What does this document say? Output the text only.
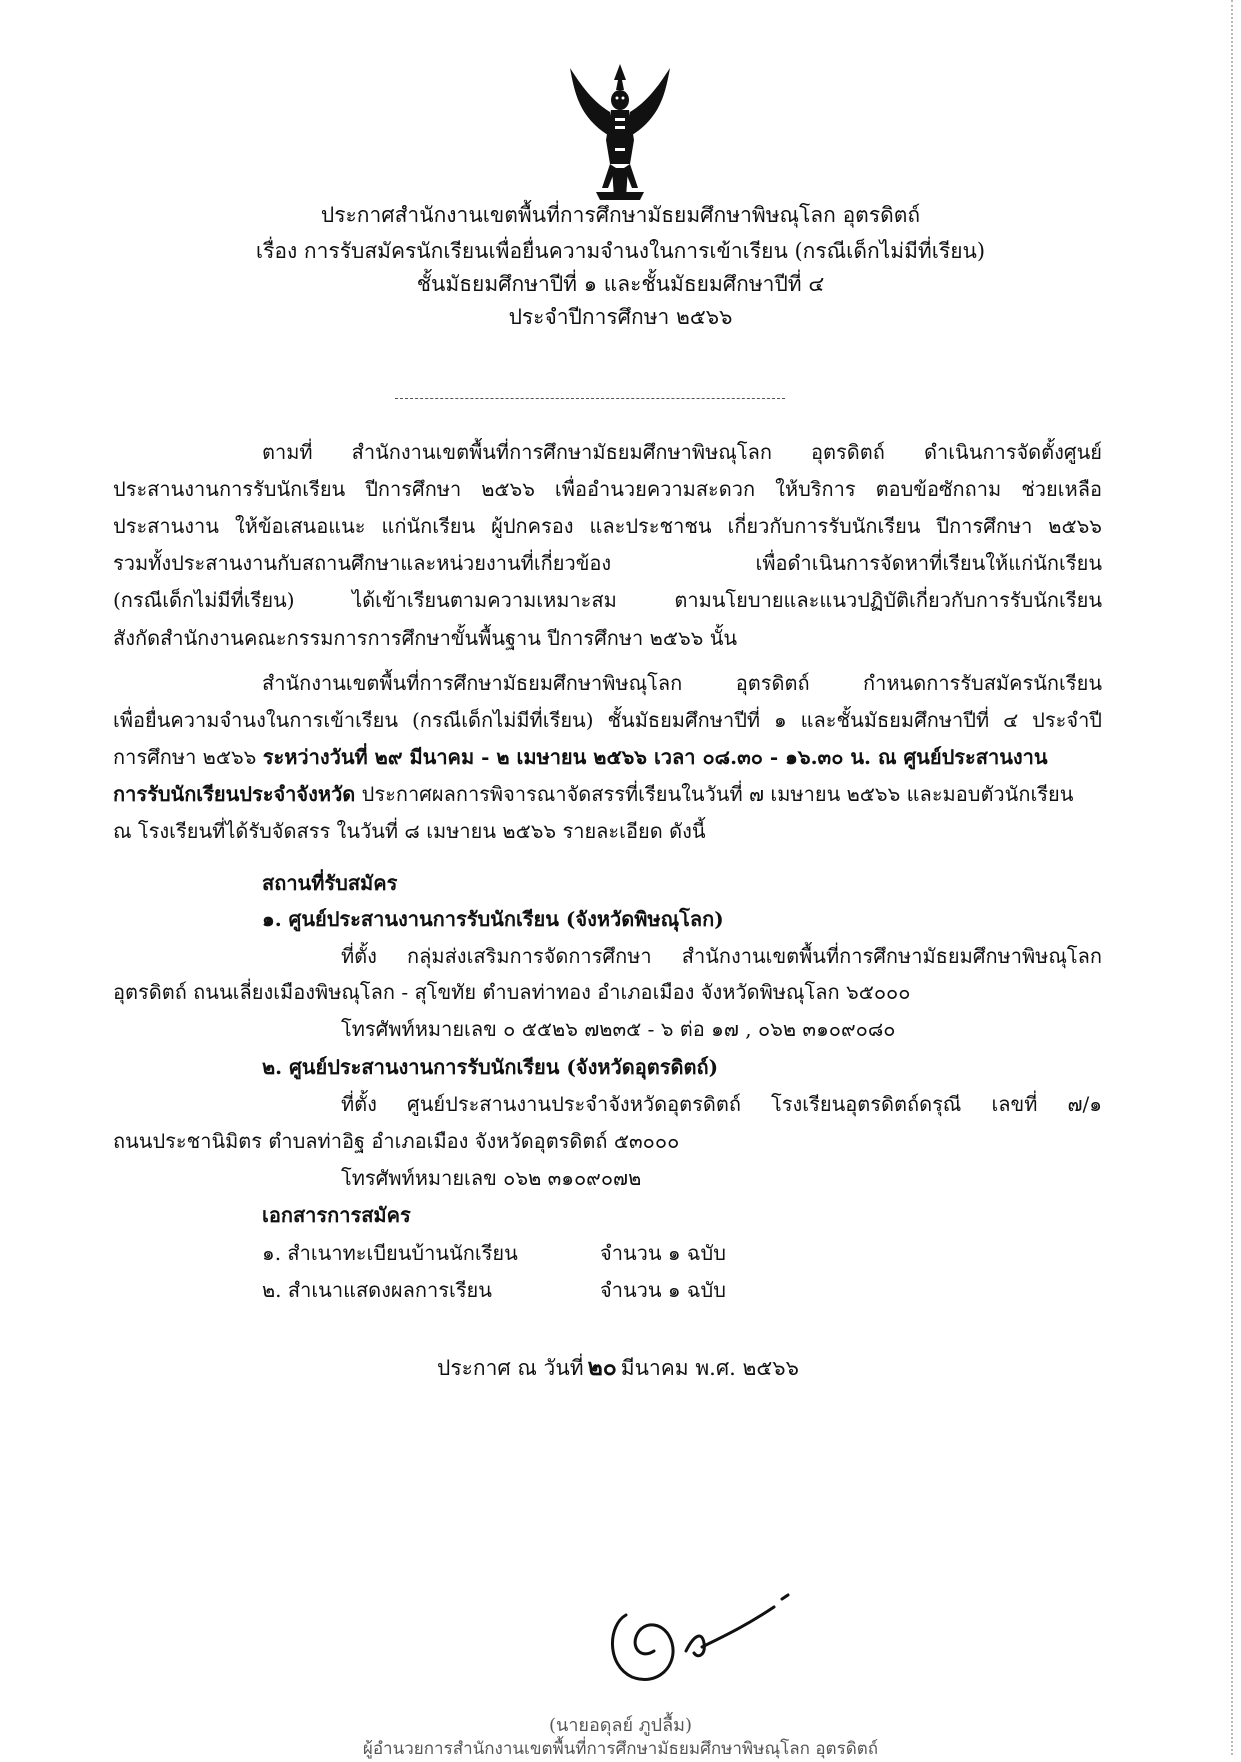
ประกาศสำนักงานเขตพื้นที่การศึกษามัธยมศึกษาพิษณุโลก อุตรดิตถ์
เรื่อง การรับสมัครนักเรียนเพื่อยื่นความจำนงในการเข้าเรียน (กรณีเด็กไม่มีที่เรียน)
ชั้นมัธยมศึกษาปีที่ ๑ และชั้นมัธยมศึกษาปีที่ ๔
ประจำปีการศึกษา ๒๕๖๖
ตามที่ สำนักงานเขตพื้นที่การศึกษามัธยมศึกษาพิษณุโลก อุตรดิตถ์ ดำเนินการจัดตั้งศูนย์
ประสานงานการรับนักเรียน ปีการศึกษา ๒๕๖๖ เพื่ออำนวยความสะดวก ให้บริการ ตอบข้อซักถาม ช่วยเหลือ
ประสานงาน ให้ข้อเสนอแนะ แก่นักเรียน ผู้ปกครอง และประชาชน เกี่ยวกับการรับนักเรียน ปีการศึกษา ๒๕๖๖
รวมทั้งประสานงานกับสถานศึกษาและหน่วยงานที่เกี่ยวข้อง เพื่อดำเนินการจัดหาที่เรียนให้แก่นักเรียน
(กรณีเด็กไม่มีที่เรียน) ได้เข้าเรียนตามความเหมาะสม ตามนโยบายและแนวปฏิบัติเกี่ยวกับการรับนักเรียน
สังกัดสำนักงานคณะกรรมการการศึกษาขั้นพื้นฐาน ปีการศึกษา ๒๕๖๖ นั้น
สำนักงานเขตพื้นที่การศึกษามัธยมศึกษาพิษณุโลก อุตรดิตถ์ กำหนดการรับสมัครนักเรียน
เพื่อยื่นความจำนงในการเข้าเรียน (กรณีเด็กไม่มีที่เรียน) ชั้นมัธยมศึกษาปีที่ ๑ และชั้นมัธยมศึกษาปีที่ ๔ ประจำปี
การศึกษา ๒๕๖๖ ระหว่างวันที่ ๒๙ มีนาคม - ๒ เมษายน ๒๕๖๖ เวลา ๐๘.๓๐ - ๑๖.๓๐ น. ณ ศูนย์ประสานงาน
การรับนักเรียนประจำจังหวัด ประกาศผลการพิจารณาจัดสรรที่เรียนในวันที่ ๗ เมษายน ๒๕๖๖ และมอบตัวนักเรียน
ณ โรงเรียนที่ได้รับจัดสรร ในวันที่ ๘ เมษายน ๒๕๖๖ รายละเอียด ดังนี้
สถานที่รับสมัคร
๑. ศูนย์ประสานงานการรับนักเรียน (จังหวัดพิษณุโลก)
ที่ตั้ง กลุ่มส่งเสริมการจัดการศึกษา สำนักงานเขตพื้นที่การศึกษามัธยมศึกษาพิษณุโลก
อุตรดิตถ์ ถนนเลี่ยงเมืองพิษณุโลก - สุโขทัย ตำบลท่าทอง อำเภอเมือง จังหวัดพิษณุโลก ๖๕๐๐๐
โทรศัพท์หมายเลข ๐ ๕๕๒๖ ๗๒๓๕ - ๖ ต่อ ๑๗ , ๐๖๒ ๓๑๐๙๐๘๐
๒. ศูนย์ประสานงานการรับนักเรียน (จังหวัดอุตรดิตถ์)
ที่ตั้ง ศูนย์ประสานงานประจำจังหวัดอุตรดิตถ์ โรงเรียนอุตรดิตถ์ดรุณี เลขที่ ๗/๑
ถนนประชานิมิตร ตำบลท่าอิฐ อำเภอเมือง จังหวัดอุตรดิตถ์ ๕๓๐๐๐
โทรศัพท์หมายเลข ๐๖๒ ๓๑๐๙๐๗๒
เอกสารการสมัคร
๑. สำเนาทะเบียนบ้านนักเรียน	จำนวน ๑ ฉบับ
๒. สำเนาแสดงผลการเรียน	จำนวน ๑ ฉบับ
ประกาศ ณ วันที่ ๒๐ มีนาคม พ.ศ. ๒๕๖๖
(นายอดุลย์ ภูปลื้ม)
ผู้อำนวยการสำนักงานเขตพื้นที่การศึกษามัธยมศึกษาพิษณุโลก อุตรดิตถ์
